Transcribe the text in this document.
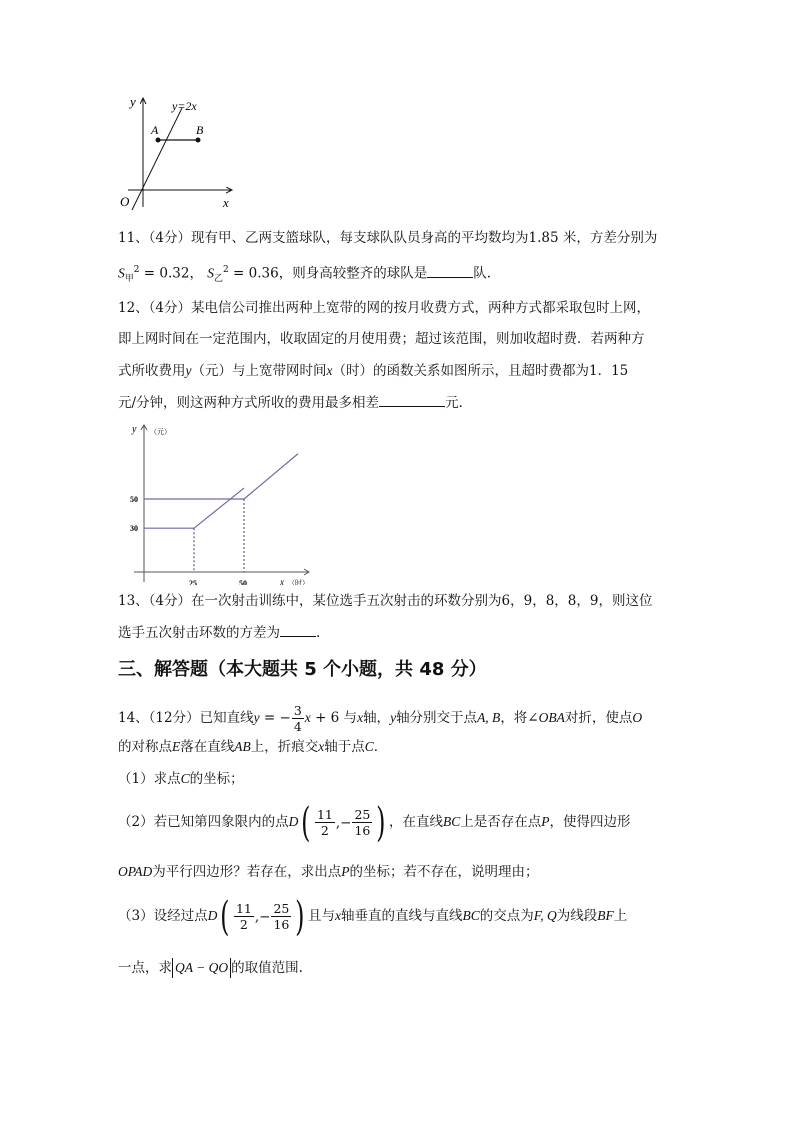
y
x
O
y=2x
A	B
11、（4分）现有甲、乙两支篮球队，每支球队队员身高的平均数均为1.85 米，方差分别为
$S_甲^2 = 0.32$， $S_乙^2 = 0.36$，则身高较整齐的球队是	队.
12、（4分）某电信公司推出两种上宽带的网的按月收费方式，两种方式都采取包时上网，
即上网时间在一定范围内，收取固定的月使用费；超过该范围，则加收超时费．若两种方
式所收费用y（元）与上宽带网时间x（时）的函数关系如图所示，且超时费都为1．15
元/分钟，则这两种方式所收的费用最多相差	元.
y （元）
x （时）
30
50
25	50
13、（4分）在一次射击训练中，某位选手五次射击的环数分别为6，9，8，8，9，则这位
选手五次射击环数的方差为	.
三、解答题（本大题共 5 个小题，共 48 分）
14、（12分）已知直线y = − $\frac{3}{4}$ x + 6 与x轴，y轴分别交于点A, B，将∠OBA对折，使点O
的对称点E落在直线AB上，折痕交x轴于点C．
（1）求点C的坐标；
（2）若已知第四象限内的点D ( $\frac{11}{2}$ , − $\frac{25}{16}$ ) ，在直线BC上是否存在点P，使得四边形
OPAD为平行四边形？若存在，求出点P的坐标；若不存在，说明理由；
（3）设经过点D ( $\frac{11}{2}$ , − $\frac{25}{16}$ ) 且与x轴垂直的直线与直线BC的交点为F, Q为线段BF上
一点，求 QA − QO 的取值范围.
